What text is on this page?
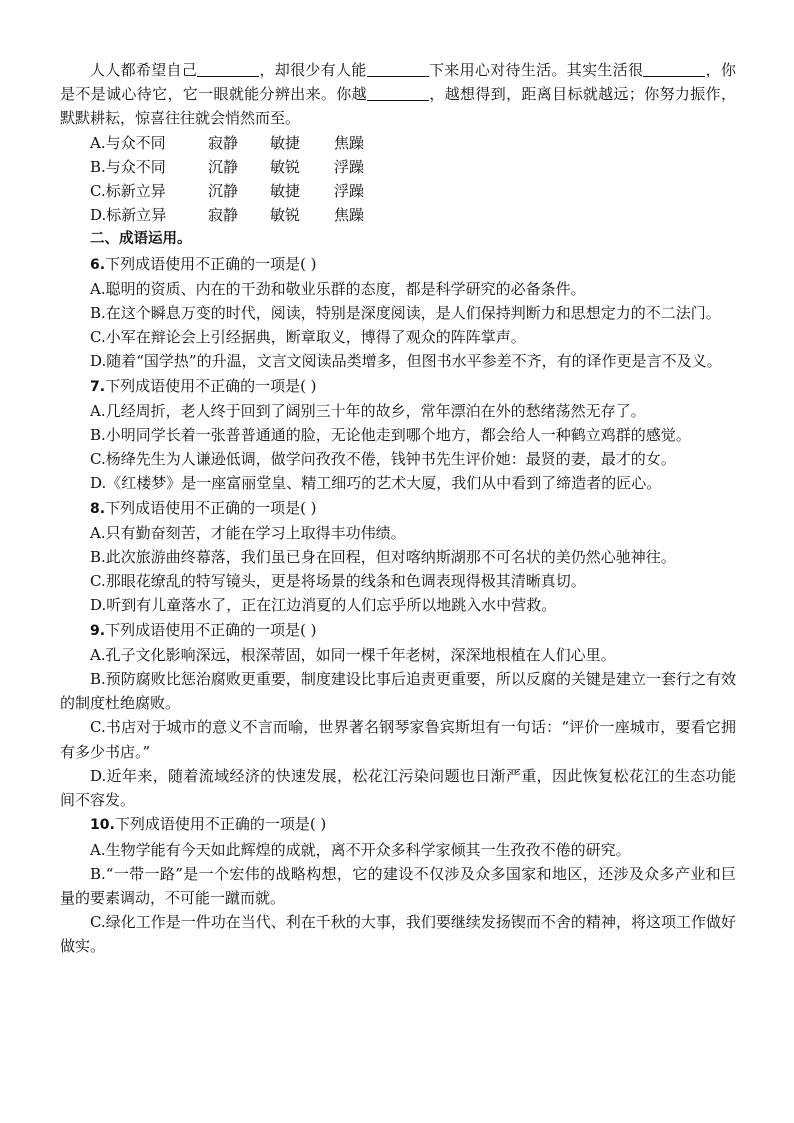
人人都希望自己	，却很少有人能	下来用心对待生活。其实生活很	，你是不是诚心待它，它一眼就能分辨出来。你越	，越想得到，距离目标就越远；你努力振作，默默耕耘，惊喜往往就会悄然而至。
A.与众不同	寂静 敏捷 焦躁
B.与众不同	沉静 敏锐 浮躁
C.标新立异	沉静 敏捷 浮躁
D.标新立异	寂静 敏锐 焦躁
二、成语运用。
6.下列成语使用不正确的一项是( )
A.聪明的资质、内在的干劲和敬业乐群的态度，都是科学研究的必备条件。
B.在这个瞬息万变的时代，阅读，特别是深度阅读，是人们保持判断力和思想定力的不二法门。
C.小军在辩论会上引经据典，断章取义，博得了观众的阵阵掌声。
D.随着“国学热”的升温，文言文阅读品类增多，但图书水平参差不齐，有的译作更是言不及义。
7.下列成语使用不正确的一项是( )
A.几经周折，老人终于回到了阔别三十年的故乡，常年漂泊在外的愁绪荡然无存了。
B.小明同学长着一张普普通通的脸，无论他走到哪个地方，都会给人一种鹤立鸡群的感觉。
C.杨绛先生为人谦逊低调，做学问孜孜不倦，钱钟书先生评价她：最贤的妻，最才的女。
D.《红楼梦》是一座富丽堂皇、精工细巧的艺术大厦，我们从中看到了缔造者的匠心。
8.下列成语使用不正确的一项是( )
A.只有勤奋刻苦，才能在学习上取得丰功伟绩。
B.此次旅游曲终幕落，我们虽已身在回程，但对喀纳斯湖那不可名状的美仍然心驰神往。
C.那眼花缭乱的特写镜头，更是将场景的线条和色调表现得极其清晰真切。
D.听到有儿童落水了，正在江边消夏的人们忘乎所以地跳入水中营救。
9.下列成语使用不正确的一项是( )
A.孔子文化影响深远，根深蒂固，如同一棵千年老树，深深地根植在人们心里。
B.预防腐败比惩治腐败更重要，制度建设比事后追责更重要，所以反腐的关键是建立一套行之有效的制度杜绝腐败。
C.书店对于城市的意义不言而喻，世界著名钢琴家鲁宾斯坦有一句话：“评价一座城市，要看它拥有多少书店。”
D.近年来，随着流域经济的快速发展，松花江污染问题也日渐严重，因此恢复松花江的生态功能间不容发。
10.下列成语使用不正确的一项是( )
A.生物学能有今天如此辉煌的成就，离不开众多科学家倾其一生孜孜不倦的研究。
B.“一带一路”是一个宏伟的战略构想，它的建设不仅涉及众多国家和地区，还涉及众多产业和巨量的要素调动，不可能一蹴而就。
C.绿化工作是一件功在当代、利在千秋的大事，我们要继续发扬锲而不舍的精神，将这项工作做好做实。
